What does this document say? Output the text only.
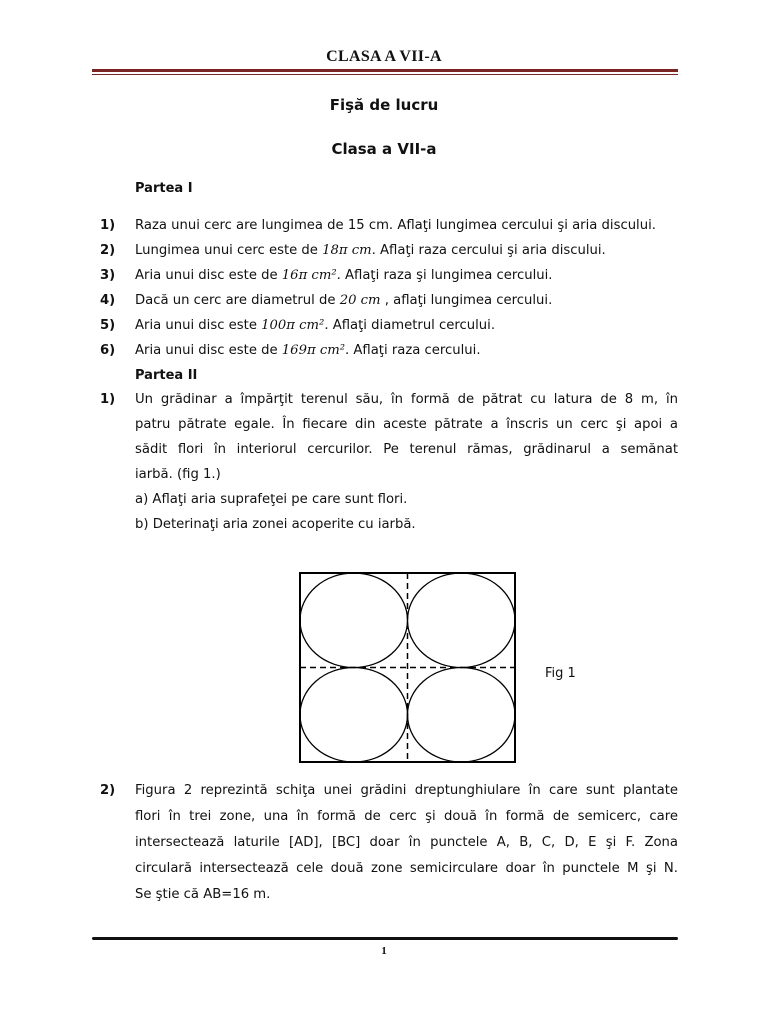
CLASA A VII-A
Fişă de lucru
Clasa a VII-a
Partea I
1) Raza unui cerc are lungimea de 15 cm. Aflaţi lungimea cercului şi aria discului.
2) Lungimea unui cerc este de 18π cm. Aflaţi raza cercului şi aria discului.
3) Aria unui disc este de 16π cm². Aflaţi raza şi lungimea cercului.
4) Dacă un cerc are diametrul de 20 cm , aflaţi lungimea cercului.
5) Aria unui disc este 100π cm². Aflaţi diametrul cercului.
6) Aria unui disc este de 169π cm². Aflaţi raza cercului.
Partea II
1) Un grădinar a împărţit terenul său, în formă de pătrat cu latura de 8 m, în
patru pătrate egale. În fiecare din aceste pătrate a înscris un cerc şi apoi a
sădit flori în interiorul cercurilor. Pe terenul rămas, grădinarul a semănat
iarbă. (fig 1.)
a) Aflaţi aria suprafeţei pe care sunt flori.
b) Deterinaţi aria zonei acoperite cu iarbă.
Fig 1
2) Figura 2 reprezintă schiţa unei grădini dreptunghiulare în care sunt plantate
flori în trei zone, una în formă de cerc şi două în formă de semicerc, care
intersectează laturile [AD], [BC] doar în punctele A, B, C, D, E şi F. Zona
circulară intersectează cele două zone semicirculare doar în punctele M şi N.
Se ştie că AB=16 m.
1
